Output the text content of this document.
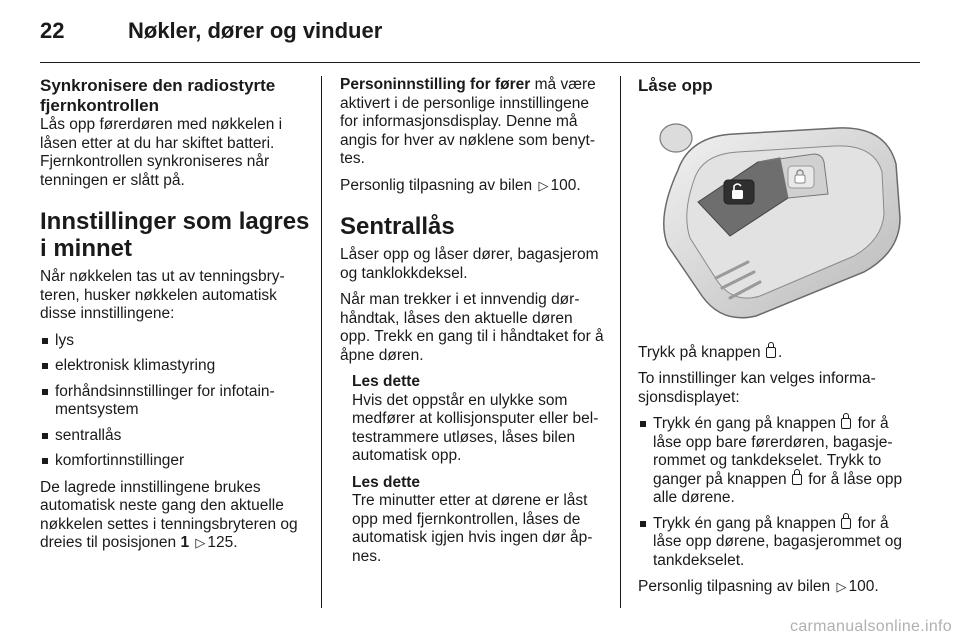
22	Nøkler, dører og vinduer
Synkronisere den radiostyrte fjernkontrollen

Lås opp førerdøren med nøkkelen i låsen etter at du har skiftet batteri. Fjernkontrollen synkroniseres når tenningen er slått på.

Innstillinger som lagres i minnet

Når nøkkelen tas ut av tenningsbry-teren, husker nøkkelen automatisk disse innstillingene:

lys
elektronisk klimastyring
forhåndsinnstillinger for infotain-mentsystem
sentrallås
komfortinnstillinger

De lagrede innstillingene brukes automatisk neste gang den aktuelle nøkkelen settes i tenningsbryteren og dreies til posisjonen 1 ▷ 125.

Personinnstilling for fører må være aktivert i de personlige innstillingene for informasjonsdisplay. Denne må angis for hver av nøklene som benyt-tes.

Personlig tilpasning av bilen ▷ 100.

Sentrallås

Låser opp og låser dører, bagasjerom og tanklokkdeksel.

Når man trekker i et innvendig dør-håndtak, låses den aktuelle døren opp. Trekk en gang til i håndtaket for å åpne døren.

Les dette
Hvis det oppstår en ulykke som medfører at kollisjonsputer eller bel-testrammere utløses, låses bilen automatisk opp.
Les dette
Tre minutter etter at dørene er låst opp med fjernkontrollen, låses de automatisk igjen hvis ingen dør åp-nes.
Låse opp

Trykk på knappen .

To innstillinger kan velges informa-sjonsdisplayet:

Trykk én gang på knappen for å låse opp bare førerdøren, bagasje-rommet og tankdekselet. Trykk to ganger på knappen for å låse opp alle dørene.
Trykk én gang på knappen for å låse opp dørene, bagasjerommet og tankdekselet.

Personlig tilpasning av bilen ▷ 100.

carmanualsonline.info
